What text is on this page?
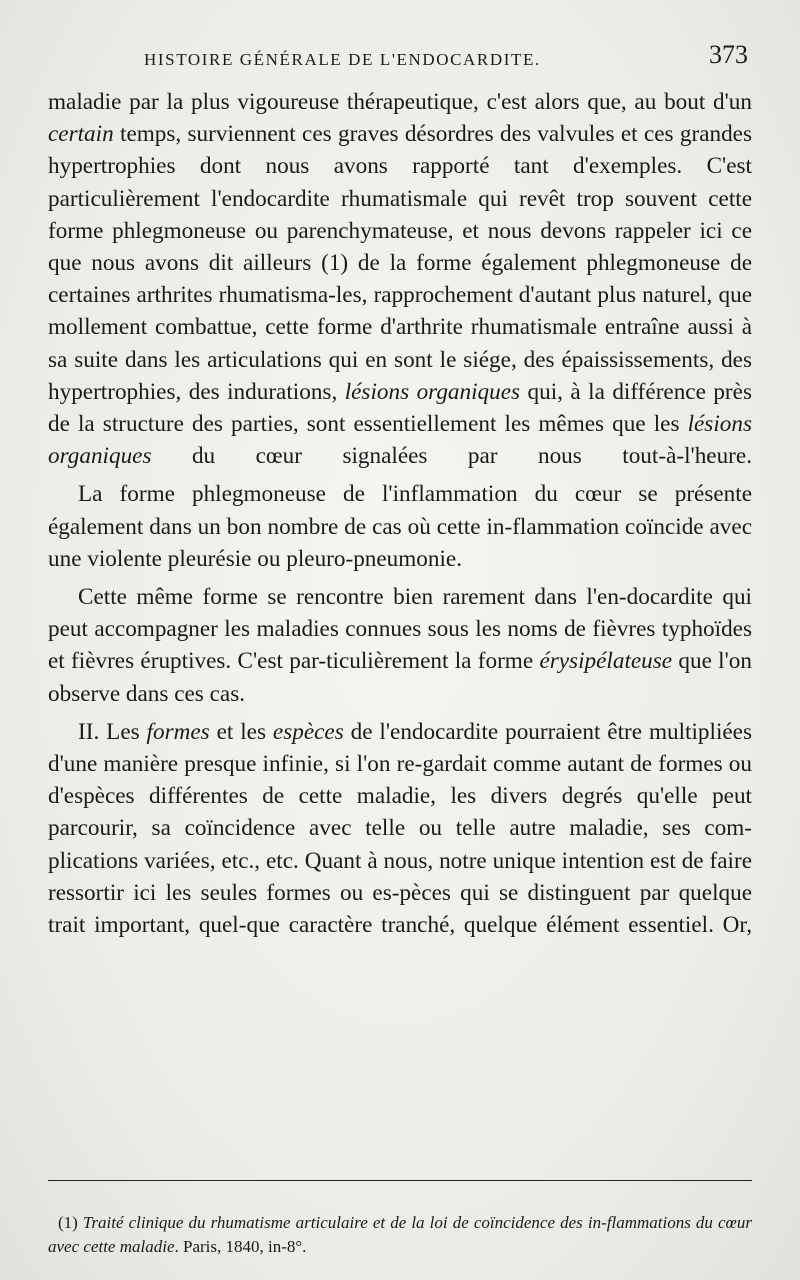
HISTOIRE GÉNÉRALE DE L'ENDOCARDITE.	373

maladie par la plus vigoureuse thérapeutique, c'est alors que, au bout d'un certain temps, surviennent ces graves désordres des valvules et ces grandes hypertrophies dont nous avons rapporté tant d'exemples. C'est particulièrement l'endocardite rhumatismale qui revêt trop souvent cette forme phlegmoneuse ou parenchymateuse, et nous devons rappeler ici ce que nous avons dit ailleurs (1) de la forme également phlegmoneuse de certaines arthrites rhumatisma-les, rapprochement d'autant plus naturel, que mollement combattue, cette forme d'arthrite rhumatismale entraîne aussi à sa suite dans les articulations qui en sont le siége, des épaississements, des hypertrophies, des indurations, lésions organiques qui, à la différence près de la structure des parties, sont essentiellement les mêmes que les lésions organiques du cœur signalées par nous tout-à-l'heure.

La forme phlegmoneuse de l'inflammation du cœur se présente également dans un bon nombre de cas où cette in-flammation coïncide avec une violente pleurésie ou pleuro-pneumonie.

Cette même forme se rencontre bien rarement dans l'en-docardite qui peut accompagner les maladies connues sous les noms de fièvres typhoïdes et fièvres éruptives. C'est par-ticulièrement la forme érysipélateuse que l'on observe dans ces cas.

II. Les formes et les espèces de l'endocardite pourraient être multipliées d'une manière presque infinie, si l'on re-gardait comme autant de formes ou d'espèces différentes de cette maladie, les divers degrés qu'elle peut parcourir, sa coïncidence avec telle ou telle autre maladie, ses com-plications variées, etc., etc. Quant à nous, notre unique intention est de faire ressortir ici les seules formes ou es-pèces qui se distinguent par quelque trait important, quel-que caractère tranché, quelque élément essentiel. Or,

(1) Traité clinique du rhumatisme articulaire et de la loi de coïncidence des in-flammations du cœur avec cette maladie. Paris, 1840, in-8°.
